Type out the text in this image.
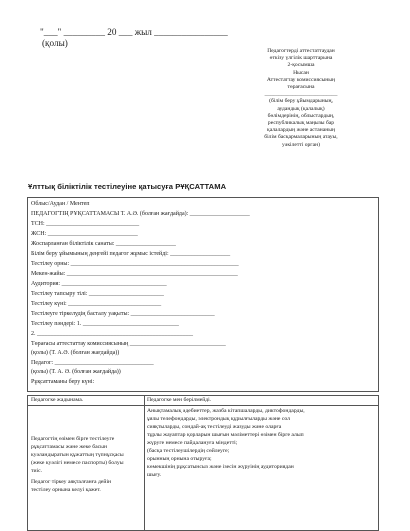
"___" _________ 20 ___ жыл ________________
(қолы)
Педагогтерді аттестаттаудан
өткізу үлгілік шарттарына
2-қосымша
Нысан
Аттестаттау комиссиясының
төрағасына
__________________________
(білім беру ұйымдарының,
аудандық (қалалық)
бөлімдерінің, облыстардың,
республикалық маңызы бар
қалалардың және астананың
білім басқармаларының атауы,
уәкілетті орган)
Ұлттық біліктілік тестілеуіне қатысуға РҰҚСАТТАМА
Облыс/Аудан / Ментеп
ПЕДАГОГТІҢ РҰҚСАТТАМАСЫ Т. А.Ә. (болған жағдайда): ____________________
ТСН: _______________________________
ЖСН: ______________________________
Жоспарланған біліктілік санаты: ____________________
Білім беру ұйымының деңгейі педагог жұмыс істейді: ____________________
Тестілеу орны: ________________________________________________________
Мекен-жайы: _________________________________________________________
Аудитория: ___________________________________
Тестілеу тапсыру тілі: _________________________
Тестілеу күні: _______________________________
Тестілеуге тіркелудің басталу уақыты: ____________________________
Тестілеу пәндері: 1. ________________________________
2. ____________________________________________________
Төрағасы аттестаттау комиссиясының ________________________________
(қолы) (Т. А.Ә. (болған жағдайда))
Педагог: _________________________________
(қолы) (Т. А. Ә. (болған жағдайда))
Рұқсаттаманы беру күні:
Педагогке жадынама.	Педагогке мен берілмейді.
Педагогтің өзімен бірге тестілеуге
рұқсаттамасы және жеке басын
куәландыратын құжаттың түпнұсқасы
(жеке куәлігі немесе паспорты) болуы
тиіс.
Педагог тіркеу аяқталғанға дейін
тестілеу орнына келуі қажет.
Анықтамалық әдебиеттер, жазба кітапшаларды, диктофондарды,
ұялы телефондарды, электрондық құрылғыларды және сол
сияқтыларды, сондай-ақ тестілеуді жазуды және оларға
тұрлы жауаптар қорларын шығын мәліметтері өзімен бірге алып
жүруге немесе пайдалануға міндетті;
(басқа тестілеушілердің сөйлеуге;
орынның орнына отыруға;
көмекшінің рұқсатынсыз және ізесін жүруінің аудиториядан
шығу.
